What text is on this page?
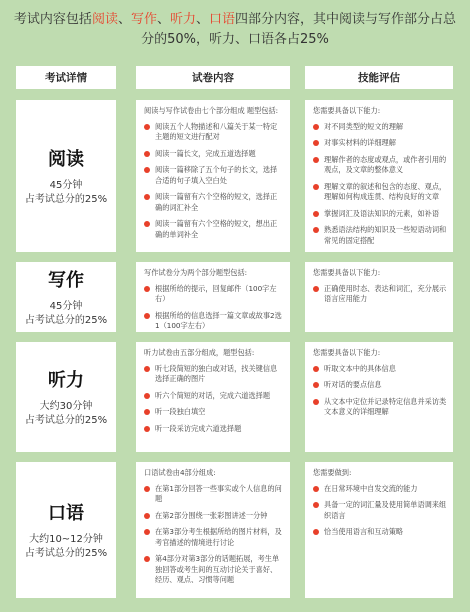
考试内容包括阅读、写作、听力、口语四部分内容，其中阅读与写作部分占总
分的50%，听力、口语各占25%
考试详情	试卷内容	技能评估
阅读
45分钟
占考试总分的25%
阅读与写作试卷由七个部分组成 题型包括:
阅读五个人物描述和八篇关于某一特定主题的短文进行配对
阅读一篇长文，完成五道选择题
阅读一篇移除了五个句子的长文，选择合适的句子填入空白处
阅读一篇留有六个空格的短文，选择正确的词汇补全
阅读一篇留有六个空格的短文，想出正确的单词补全
您需要具备以下能力:
对不同类型的短文的理解
对事实材料的详细理解
理解作者的态度或观点，或作者引用的观点，及文章的整体意义
理解文章的叙述和包含的态度、观点，理解如何构成连贯、结构良好的文章
掌握词汇及语法知识的元素，如补语
熟悉语法结构的知识及一些短语动词和常见的固定搭配
写作
45分钟
占考试总分的25%
写作试卷分为两个部分题型包括:
根据所给的提示，回复邮件（100字左右）
根据所给的信息选择一篇文章或故事2选1（100字左右）
您需要具备以下能力:
正确使用时态、表达和词汇，充分展示语言应用能力
听力
大约30分钟
占考试总分的25%
听力试卷由五部分组成，题型包括:
听七段简短的独白或对话，找关键信息选择正确的图片
听六个简短的对话，完成六道选择题
听一段独白填空
听一段采访完成六道选择题
您需要具备以下能力:
听取文本中的具体信息
听对话的要点信息
从文本中定位并记录特定信息并采访类文本意义的详细理解
口语
大约10~12分钟
占考试总分的25%
口语试卷由4部分组成:
在第1部分回答一些事实或个人信息的问题
在第2部分围绕一张彩图讲述一分钟
在第3部分考生根据所给的图片材料，及考官描述的情境进行讨论
第4部分对第3部分的话题拓展，考生单独回答或考生间的互动讨论关于喜好、经历、观点、习惯等问题
您需要做到:
在日常环境中自发交流的能力
具备一定的词汇量及使用简单语调来组织语言
恰当使用语言和互动策略
